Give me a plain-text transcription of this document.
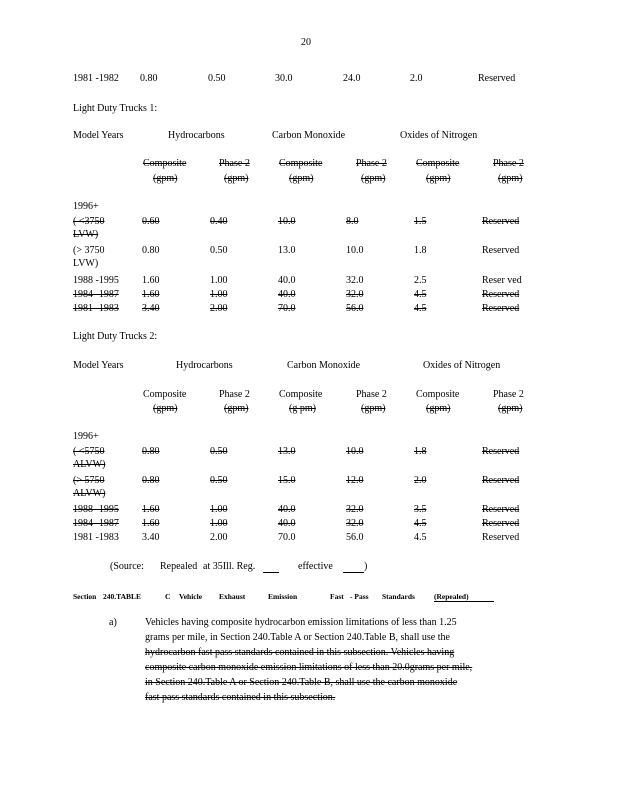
20
1981 -1982 0.80	0.50	30.0	24.0	2.0	Reserved
Light Duty Trucks 1:
Model Years	Hydrocarbons	Carbon Monoxide	Oxides of Nitrogen
Composite	Phase 2	Composite	Phase 2	Composite	Phase 2
(gpm)	(gpm)	(gpm)	(gpm)	(gpm)	(gpm)
1996+
( <3750
LVW)
0.60	0.40	10.0	8.0	1.5	Reserved
(> 3750
LVW)
0.80	0.50	13.0	10.0	1.8	Reserved
1988 -1995 1.60	1.00	40.0	32.0	2.5	Reser ved
1984 -1987 1.60	1.00	40.0	32.0	4.5	Reserved
1981 -1983 3.40	2.00	70.0	56.0	4.5	Reserved
Light Duty Trucks 2:
Model Years	Hydrocarbons	Carbon Monoxide	Oxides of Nitrogen
Composite	Phase 2	Composite	Phase 2	Composite	Phase 2
(gpm)	(gpm)	(g pm)	(gpm)	(gpm)	(gpm)
1996+
( <5750
ALVW)
0.80	0.50	13.0	10.0	1.8	Reserved
(> 5750
ALVW)
0.80	0.50	15.0	12.0	2.0	Reserved
1988 -1995 1.60	1.00	40.0	32.0	3.5	Reserved
1984 -1987 1.60	1.00	40.0	32.0	4.5	Reserved
1981 -1983 3.40	2.00	70.0	56.0	4.5	Reserved
(Source: Repealed at 35Ill. Reg.	effective	)
Section 240.TABLE	C Vehicle Exhaust	Emission	Fast - Pass Standards	(Repealed)
a)	Vehicles having composite hydrocarbon emission limitations of less than 1.25
grams per mile, in Section 240.Table A or Section 240.Table B, shall use the
hydrocarbon fast pass standards contained in this subsection. Vehicles having
composite carbon monoxide emission limitations of less than 20.0grams per mile,
in Section 240.Table A or Section 240.Table B, shall use the carbon monoxide
fast pass standards contained in this subsection.
